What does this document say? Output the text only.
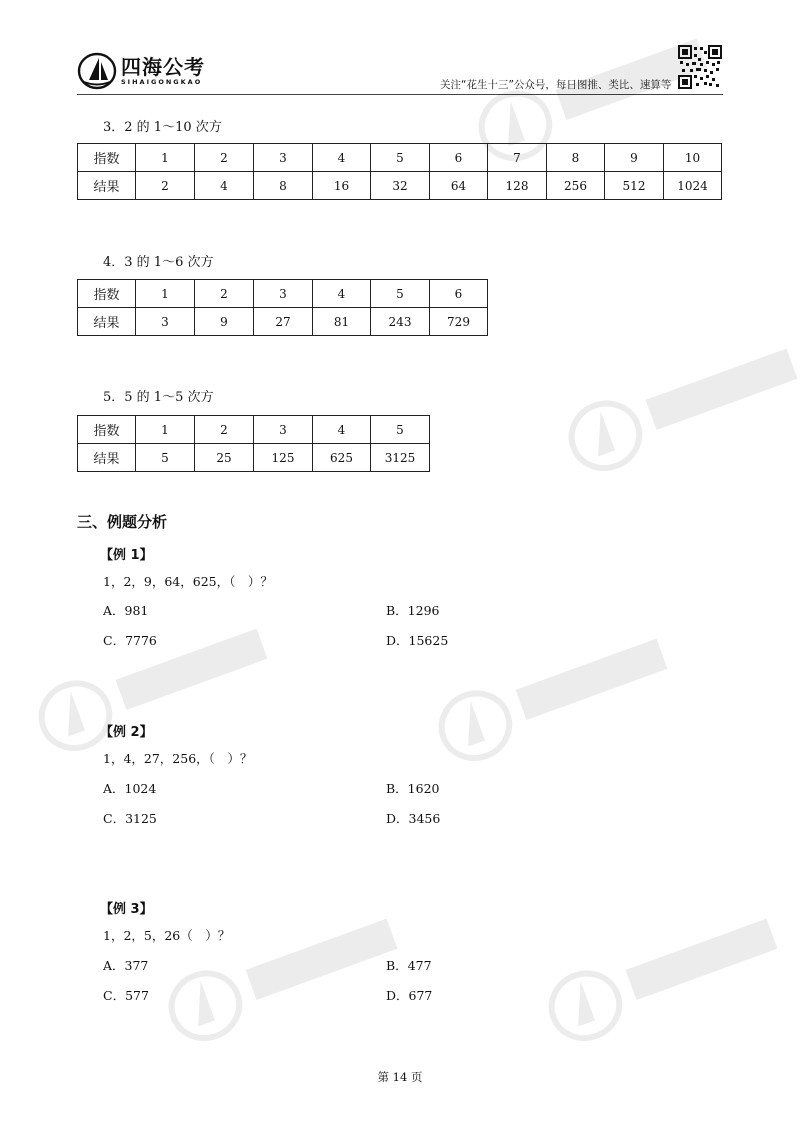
四海公考
SIHAIGONGKAO	关注“花生十三”公众号，每日图推、类比、速算等
3．2 的 1～10 次方
指数	1	2	3	4	5	6	7	8	9	10
结果	2	4	8	16	32	64	128	256	512	1024
4．3 的 1～6 次方
指数	1	2	3	4	5	6
结果	3	9	27	81	243	729
5．5 的 1～5 次方
指数	1	2	3	4	5
结果	5	25	125	625	3125
三、例题分析
【例 1】
1，2，9，64，625，（　）？
A．981	B．1296
C．7776	D．15625
【例 2】
1，4，27，256，（　）？
A．1024	B．1620
C．3125	D．3456
【例 3】
1，2，5，26（　）？
A．377	B．477
C．577	D．677
第 14 页
